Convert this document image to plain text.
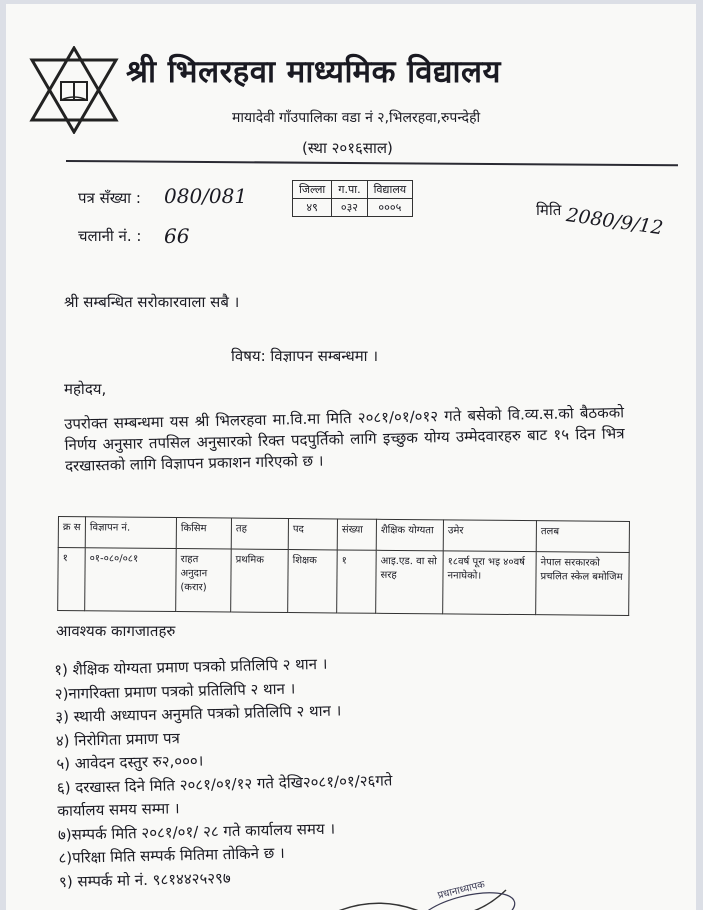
श्री भिलरहवा माध्यमिक विद्यालय
मायादेवी गाँउपालिका वडा नं २,भिलरहवा,रुपन्देही
(स्था २०१६साल)
पत्र सँख्या : 080/081
चलानी नं. : 66
जिल्ला	ग.पा.	विद्यालय
४९	०३२	०००५	मिति 2080/9/12
श्री सम्बन्धित सरोकारवाला सबै ।
विषय: विज्ञापन सम्बन्धमा ।
महोदय,
उपरोक्त सम्बन्धमा यस श्री भिलरहवा मा.वि.मा मिति २०८१/०१/०१२ गते बसेको वि.व्य.स.को बैठकको निर्णय अनुसार तपसिल अनुसारको रिक्त पदपुर्तिको लागि इच्छुक योग्य उम्मेदवारहरु बाट १५ दिन भित्र दरखास्तको लागि विज्ञापन प्रकाशन गरिएको छ ।
क्र स	विज्ञापन नं.	किसिम	तह	पद	संख्या	शैक्षिक योग्यता	उमेर	तलब
१	०१-०८०/०८१	राहत अनुदान (करार)	प्रथमिक	शिक्षक	१	आइ.एड. वा सो सरह	१८वर्ष पूरा भइ ४०वर्ष ननाघेको।	नेपाल सरकारको प्रचलित स्केल बमोजिम
आवश्यक कागजातहरु
१) शैक्षिक योग्यता प्रमाण पत्रको प्रतिलिपि २ थान ।
२)नागरिक्ता प्रमाण पत्रको प्रतिलिपि २ थान ।
३) स्थायी अध्यापन अनुमति पत्रको प्रतिलिपि २ थान ।
४) निरोगिता प्रमाण पत्र
५) आवेदन दस्तुर रु२,०००।
६) दरखास्त दिने मिति २०८१/०१/१२ गते देखि२०८१/०१/२६गते
कार्यालय समय सम्मा ।
७)सम्पर्क मिति २०८१/०१/ २८ गते कार्यालय समय ।
८)परिक्षा मिति सम्पर्क मितिमा तोकिने छ ।
९) सम्पर्क मो नं. ९८१४४२५२९७	प्रधानाध्यापक
